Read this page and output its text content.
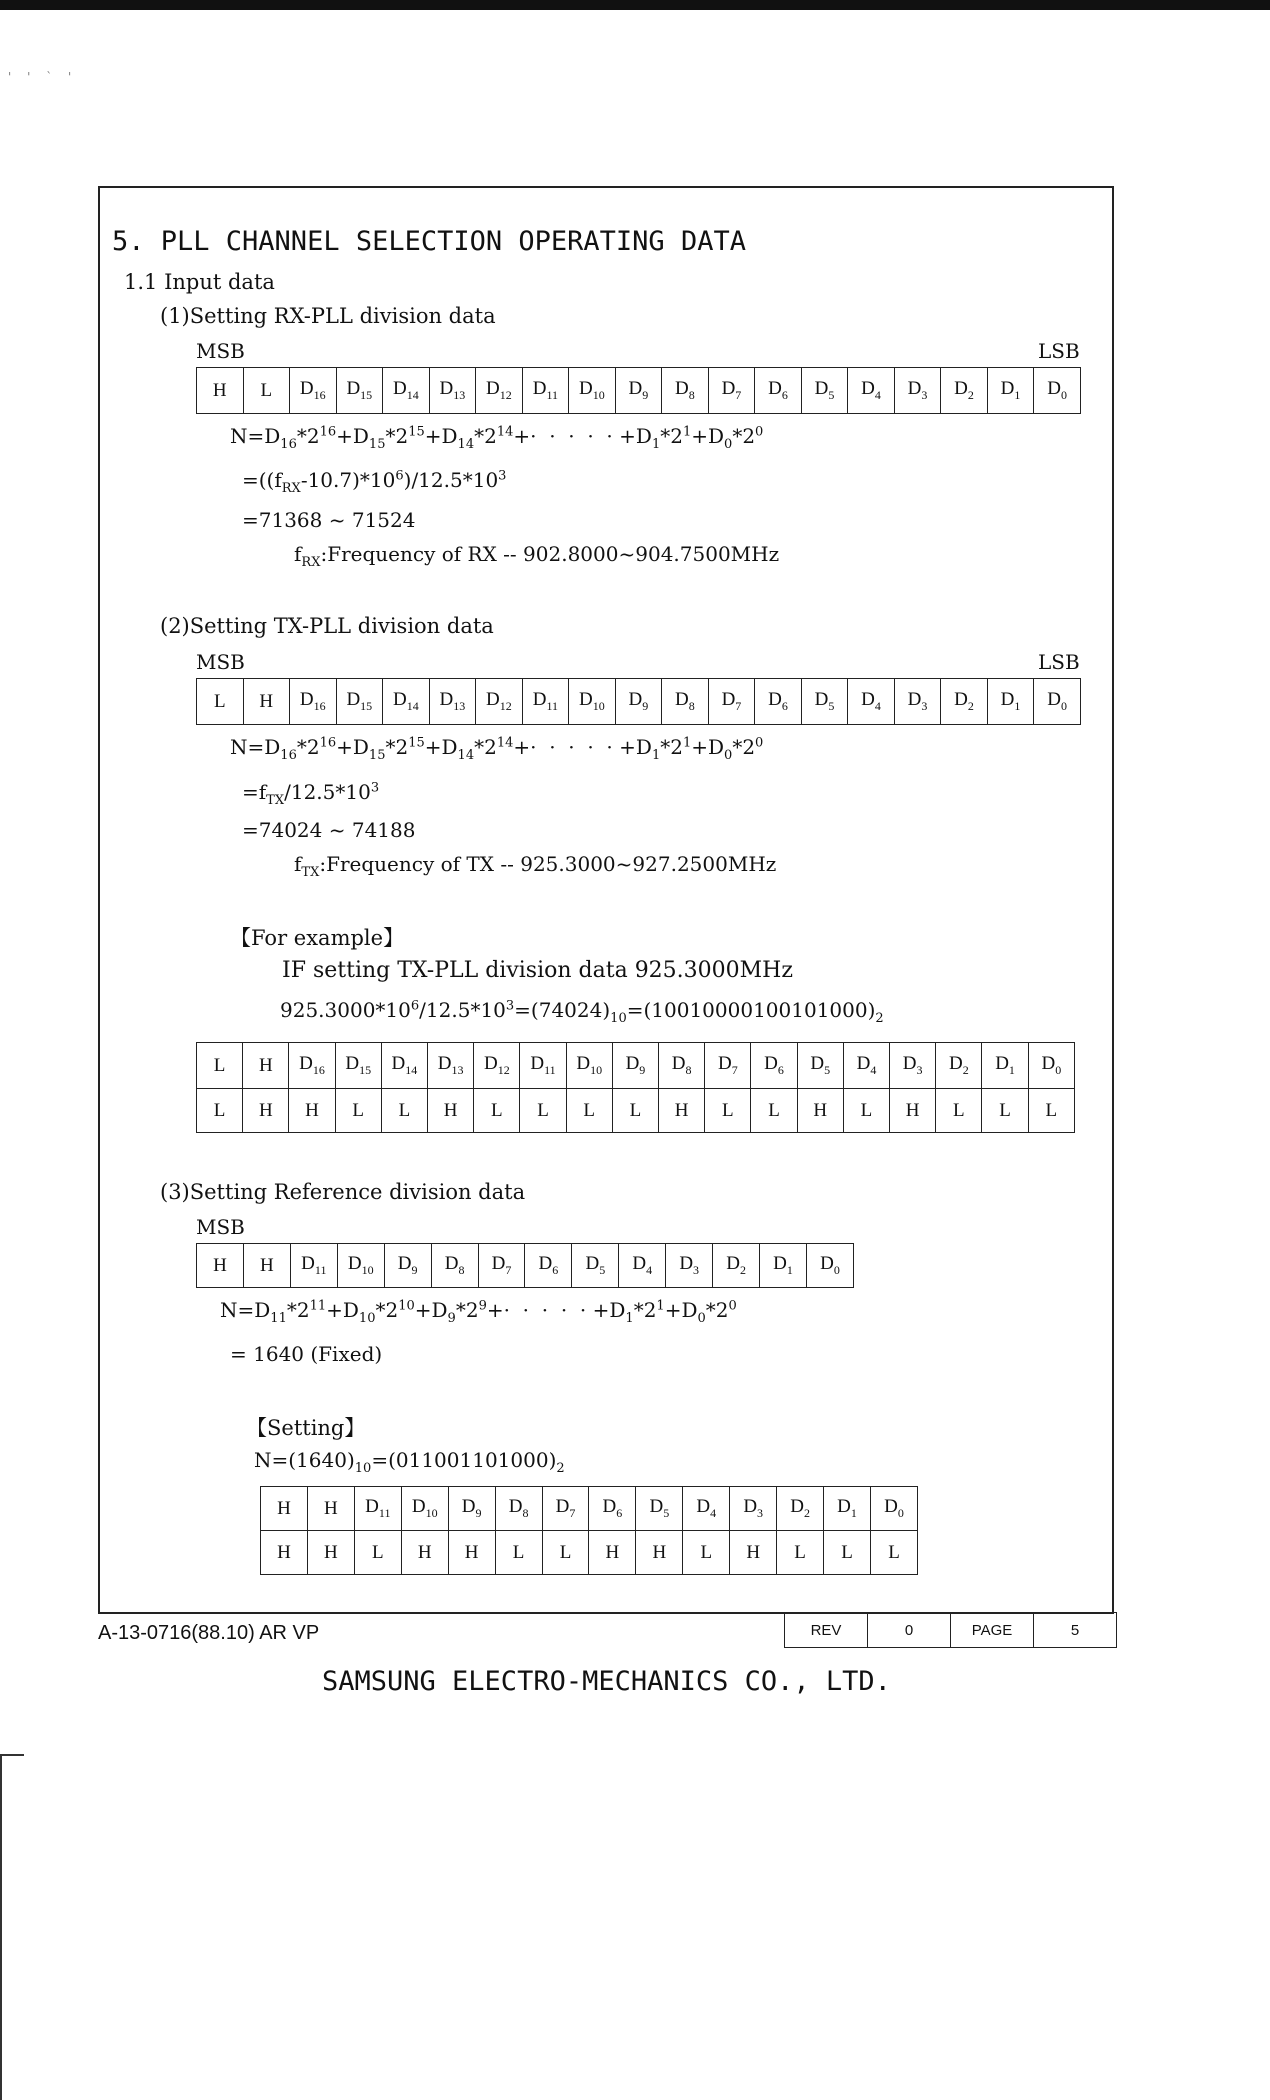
' ' ` '
5. PLL CHANNEL SELECTION OPERATING DATA
1.1 Input data
(1)Setting RX-PLL division data
MSB	LSB
H	L	$D_{16}$	$D_{15}$	$D_{14}$	$D_{13}$	$D_{12}$	$D_{11}$	$D_{10}$	$D_9$	$D_8$	$D_7$	$D_6$	$D_5$	$D_4$	$D_3$	$D_2$	$D_1$	$D_0$
$N=D_{16}*2^{16}+D_{15}*2^{15}+D_{14}*2^{14}+\cdot$  ·  ·  ·  · $+D_1*2^1+D_0*2^0$
$=((f_{RX}-10.7)*10^6)/12.5*10^3$
=71368 ~ 71524
$f_{RX}:Frequency$ of RX -- 902.8000~904.7500MHz
(2)Setting TX-PLL division data
MSB	LSB
L	H	$D_{16}$	$D_{15}$	$D_{14}$	$D_{13}$	$D_{12}$	$D_{11}$	$D_{10}$	$D_9$	$D_8$	$D_7$	$D_6$	$D_5$	$D_4$	$D_3$	$D_2$	$D_1$	$D_0$
$N=D_{16}*2^{16}+D_{15}*2^{15}+D_{14}*2^{14}+\cdot$  ·  ·  ·  · $+D_1*2^1+D_0*2^0$
$=f_{TX}/12.5*10^3$
=74024 ~ 74188
$f_{TX}:Frequency$ of TX -- 925.3000~927.2500MHz
【For example】
IF setting TX-PLL division data 925.3000MHz
$925.3000*10^6/12.5*10^3=(74024)_{10}=(10010000100101000)_2$
L	H	$D_{16}$	$D_{15}$	$D_{14}$	$D_{13}$	$D_{12}$	$D_{11}$	$D_{10}$	$D_9$	$D_8$	$D_7$	$D_6$	$D_5$	$D_4$	$D_3$	$D_2$	$D_1$	$D_0$
L	H	H	L	L	H	L	L	L	L	H	L	L	H	L	H	L	L	L
(3)Setting Reference division data
MSB
H	H	$D_{11}$	$D_{10}$	$D_9$	$D_8$	$D_7$	$D_6$	$D_5$	$D_4$	$D_3$	$D_2$	$D_1$	$D_0$
$N=D_{11}*2^{11}+D_{10}*2^{10}+D_9*2^9+\cdot$  ·  ·  ·  · $+D_1*2^1+D_0*2^0$
= 1640 (Fixed)
【Setting】
$N=(1640)_{10}=(011001101000)_2$
H	H	$D_{11}$	$D_{10}$	$D_9$	$D_8$	$D_7$	$D_6$	$D_5$	$D_4$	$D_3$	$D_2$	$D_1$	$D_0$
H	H	L	H	H	L	L	H	H	L	H	L	L	L
A-13-0716(88.10) AR VP	REV	0	PAGE	5
SAMSUNG ELECTRO-MECHANICS CO., LTD.
